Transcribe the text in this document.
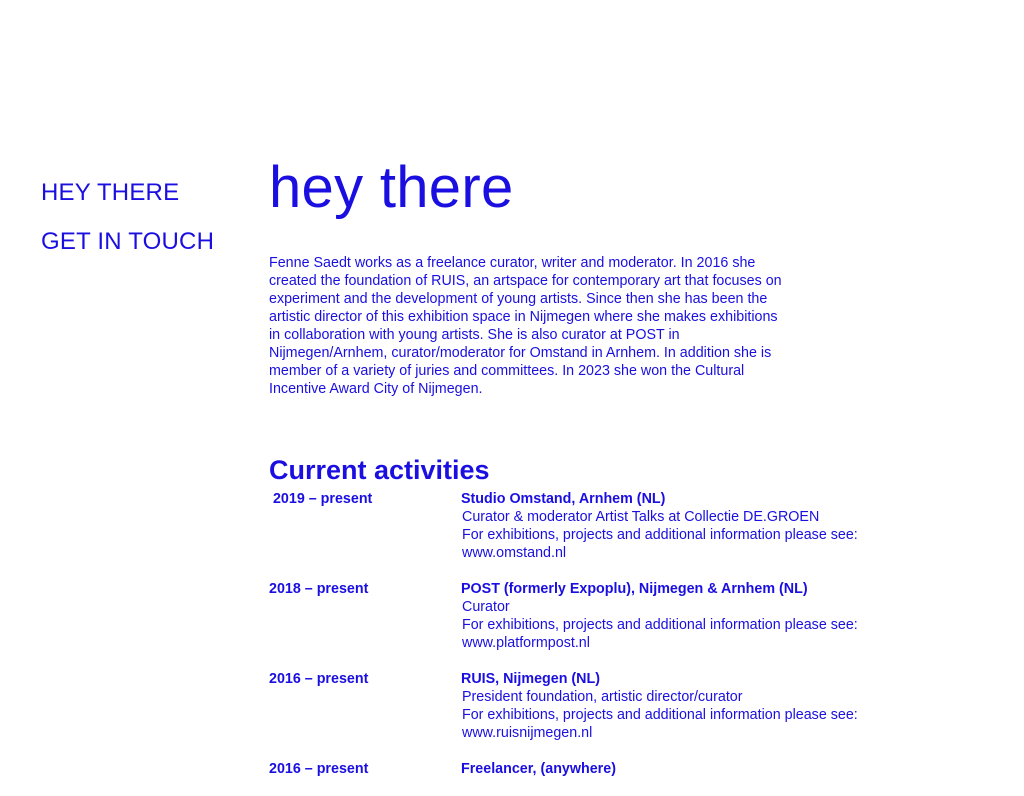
HEY THERE
GET IN TOUCH
hey there

Fenne Saedt works as a freelance curator, writer and moderator. In 2016 she created the foundation of RUIS, an artspace for contemporary art that focuses on experiment and the development of young artists. Since then she has been the artistic director of this exhibition space in Nijmegen where she makes exhibitions in collaboration with young artists. She is also curator at POST in Nijmegen/Arnhem, curator/moderator for Omstand in Arnhem. In addition she is member of a variety of juries and committees. In 2023 she won the Cultural Incentive Award City of Nijmegen.

Current activities
2019 – present	Studio Omstand, Arnhem (NL)
Curator & moderator Artist Talks at Collectie DE.GROEN
For exhibitions, projects and additional information please see:
www.omstand.nl
2018 – present	POST (formerly Expoplu), Nijmegen & Arnhem (NL)
Curator
For exhibitions, projects and additional information please see:
www.platformpost.nl
2016 – present	RUIS, Nijmegen (NL)
President foundation, artistic director/curator
For exhibitions, projects and additional information please see:
www.ruisnijmegen.nl
2016 – present	Freelancer, (anywhere)
